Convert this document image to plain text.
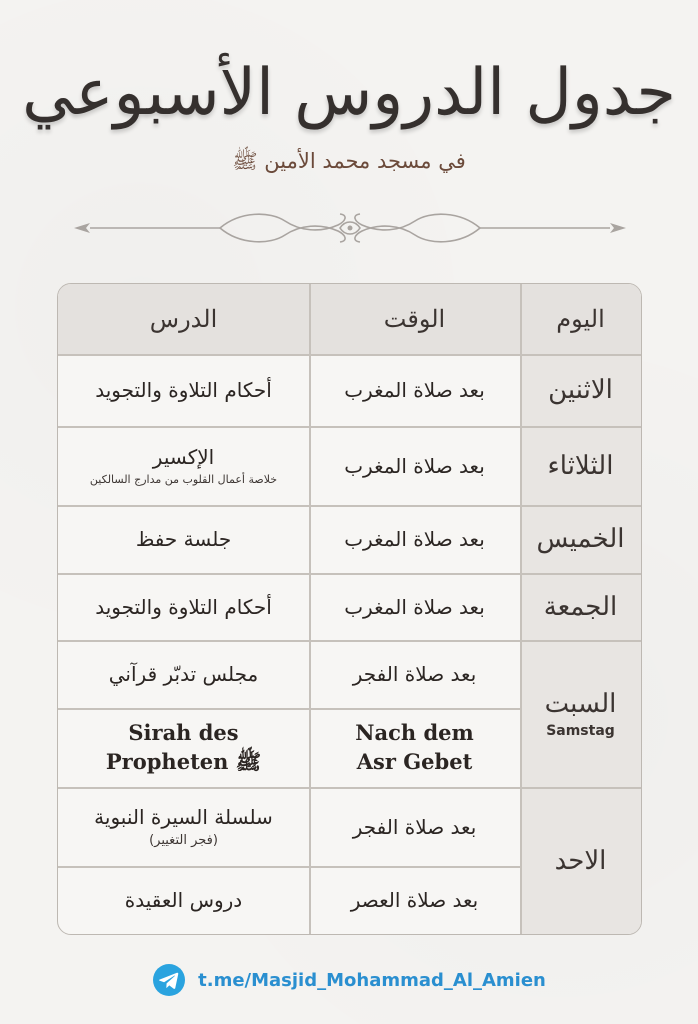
جدول الدروس الأسبوعي
في مسجد محمد الأمين ﷺ
اليوم
الوقت
الدرس
الاثنين
بعد صلاة المغرب
أحكام التلاوة والتجويد
الثلاثاء
بعد صلاة المغرب
الإكسير
خلاصة أعمال القلوب من مدارج السالكين
الخميس
بعد صلاة المغرب
جلسة حفظ
الجمعة
بعد صلاة المغرب
أحكام التلاوة والتجويد
السبت
Samstag
بعد صلاة الفجر
مجلس تدبّر قرآني
Nach dem
Asr Gebet
Sirah des
Propheten ﷺ
الاحد
بعد صلاة الفجر
سلسلة السيرة النبوية
(فجر التغيير)
بعد صلاة العصر
دروس العقيدة
t.me/Masjid_Mohammad_Al_Amien
